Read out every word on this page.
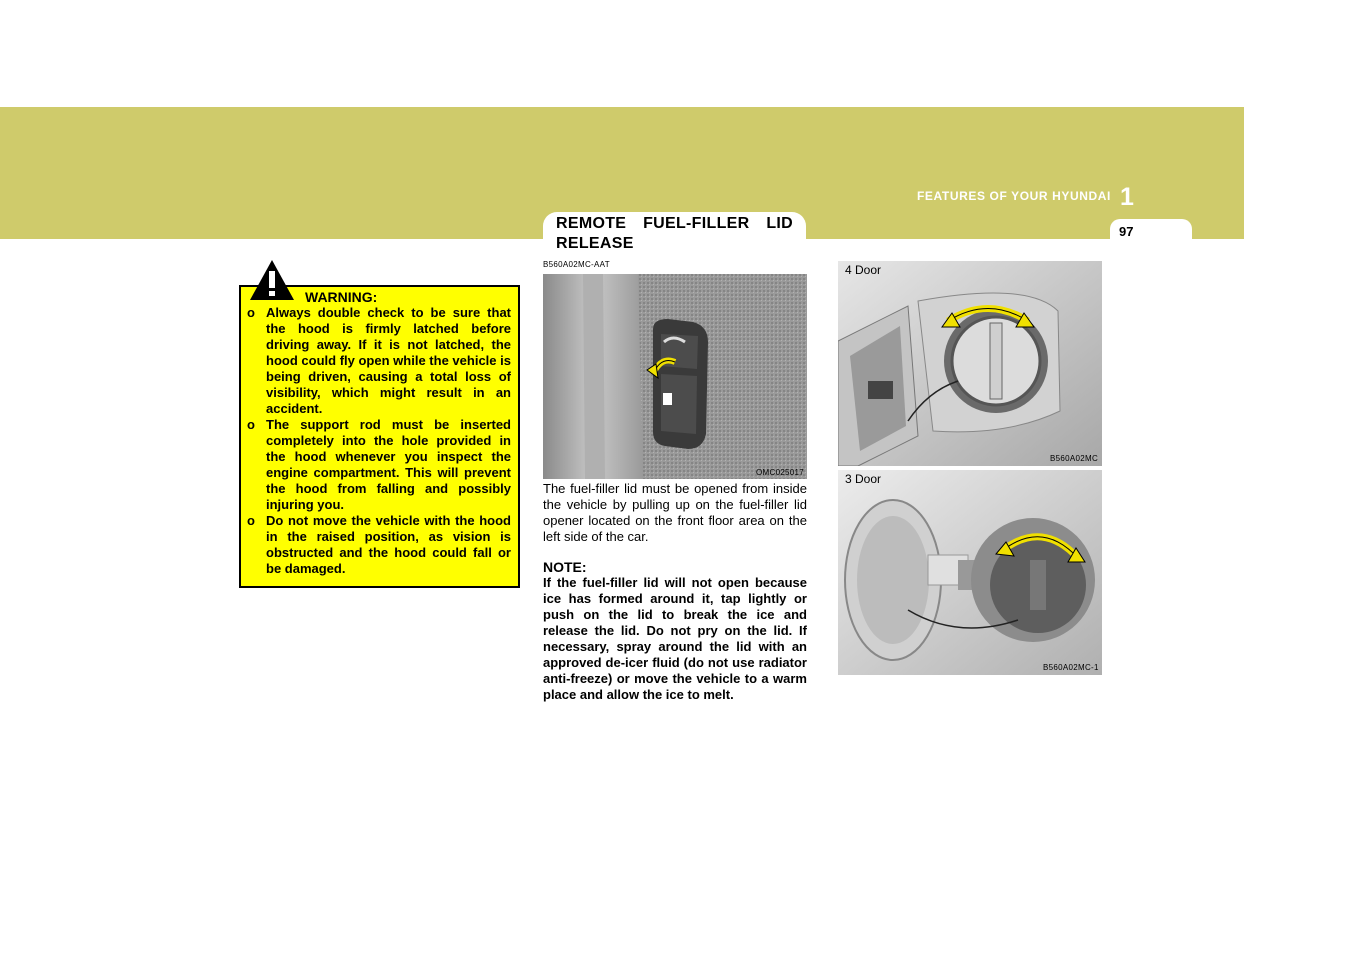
FEATURES OF YOUR HYUNDAI 1
97
WARNING:
o Always double check to be sure that the hood is firmly latched before driving away. If it is not latched, the hood could fly open while the vehicle is being driven, causing a total loss of visibility, which might result in an accident.
o The support rod must be inserted completely into the hole provided in the hood whenever you inspect the engine compartment. This will prevent the hood from falling and possibly injuring you.
o Do not move the vehicle with the hood in the raised position, as vision is obstructed and the hood could fall or be damaged.
REMOTE FUEL-FILLER LID RELEASE
B560A02MC-AAT
OMC025017
The fuel-filler lid must be opened from inside the vehicle by pulling up on the fuel-filler lid opener located on the front floor area on the left side of the car.
NOTE:
If the fuel-filler lid will not open because ice has formed around it, tap lightly or push on the lid to break the ice and release the lid. Do not pry on the lid. If necessary, spray around the lid with an approved de-icer fluid (do not use radiator anti-freeze) or move the vehicle to a warm place and allow the ice to melt.
4 Door
B560A02MC
3 Door
B560A02MC-1
